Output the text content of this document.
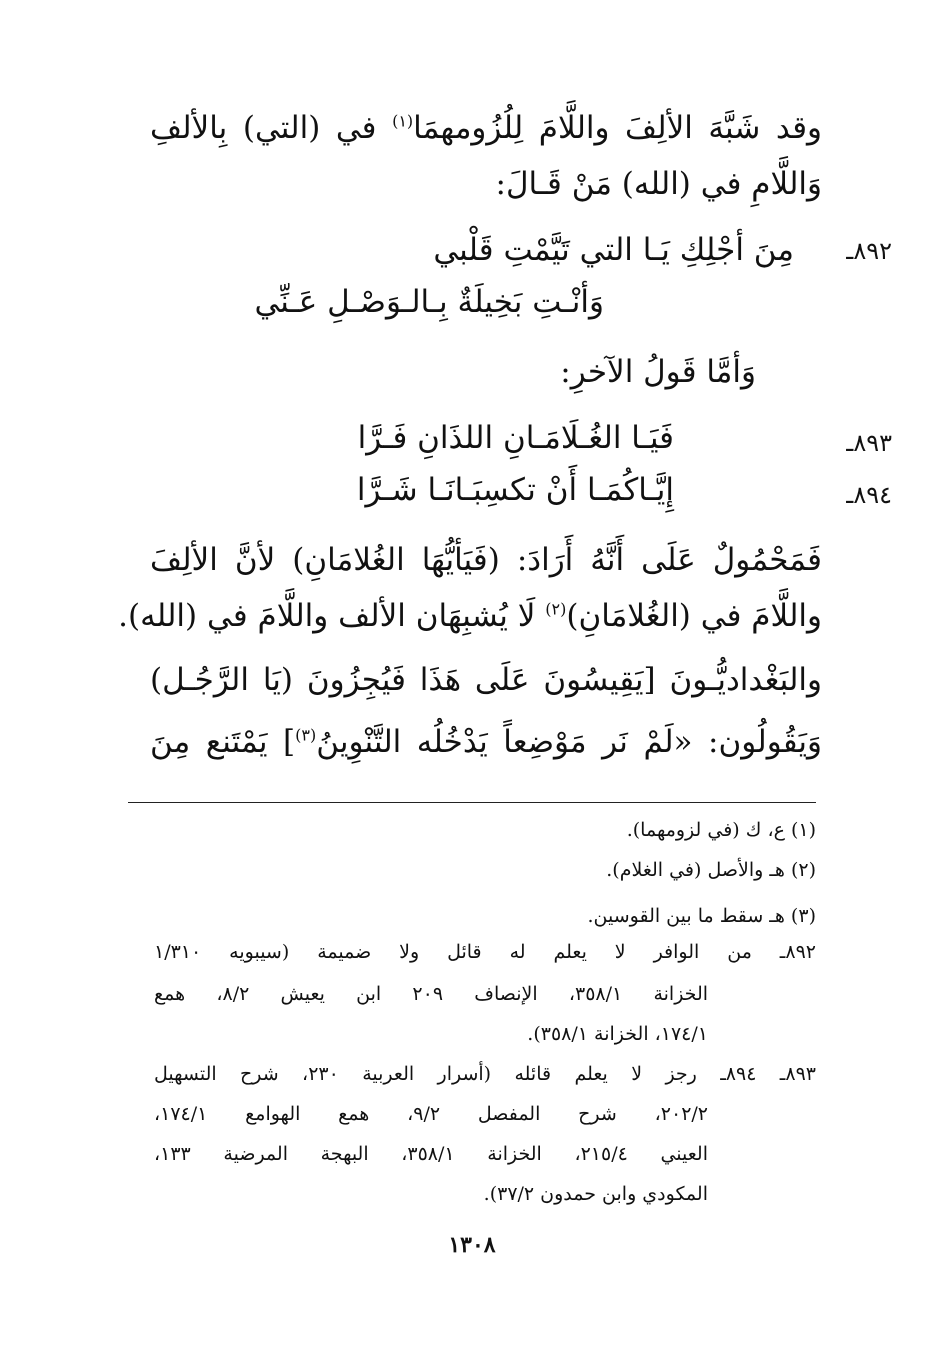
وقد شَبَّهَ الألِفَ واللَّامَ لِلُزُومهمَا$^{(١)}$ في (التي) بِالألفِ
وَاللَّامِ في (الله) مَنْ قَـالَ:
٨٩٢ـ
مِنَ أجْلِكِ يَـا التي تَيَّمْتِ قَلْبي
وَأنْـتِ بَخِيلَةٌ بِـالـوَصْـلِ عَـنِّي
وَأمَّا قَولُ الآخرِ:
٨٩٣ـ
فَيَـا الغُـلَامَـانِ اللذَانِ فَـرَّا
٨٩٤ـ
إِيَّـاكُمَـا أَنْ تكسِبَـانَـا شَـرَّا
فَمَحْمُولٌ عَلَى أَنَّهُ أَرَادَ: (فَيَأيُّهَا الغُلامَانِ) لأنَّ الألِفَ
واللَّامَ في (الغُلامَانِ)$^{(٢)}$ لَا يُشبِهَان الألف واللَّامَ في (الله).
والبَغْداديُّـونَ [يَقِيسُونَ عَلَى هَذَا فَيُجِزُونَ (يَا الرَّجُـل)
وَيَقُولُون: «لَمْ نَر مَوْضِعاً يَدْخُلُه التَّنْوِينُ$^{(٣)}$] يَمْتَنع مِنَ
(١) ع، ك (في لزومهما).
(٢) هـ والأصل (في الغلام).
(٣) هـ سقط ما بين القوسين.
٨٩٢ـ من الوافر لا يعلم له قائل ولا ضميمة (سيبويه ١/٣١٠
الخزانة ٣٥٨/١، الإنصاف ٢٠٩ ابن يعيش ٨/٢، همع
١٧٤/١، الخزانة ٣٥٨/١).
٨٩٣ـ ٨٩٤ـ رجز لا يعلم قائله (أسرار العربية ٢٣٠، شرح التسهيل
٢٠٢/٢، شرح المفصل ٩/٢، همع الهوامع ١٧٤/١،
العيني ٢١٥/٤، الخزانة ٣٥٨/١، البهجة المرضية ١٣٣،
المكودي وابن حمدون ٣٧/٢).
١٣٠٨
